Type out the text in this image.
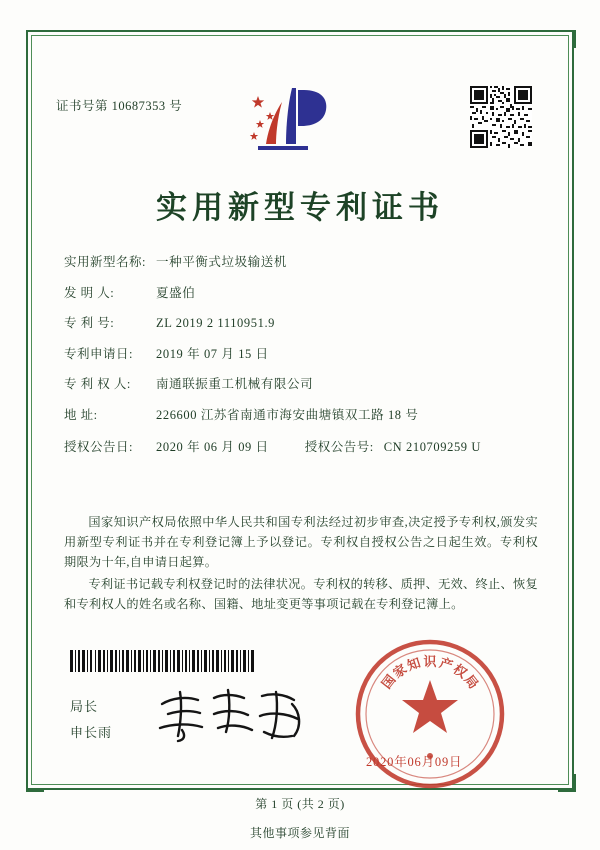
证书号第 10687353 号
实用新型专利证书
实用新型名称: 一种平衡式垃圾输送机
发 明 人:	夏盛伯
专 利 号:	ZL 2019 2 1110951.9
专利申请日:	2019 年 07 月 15 日
专 利 权 人:	南通联振重工机械有限公司
地 址:	226600 江苏省南通市海安曲塘镇双工路 18 号
授权公告日:	2020 年 06 月 09 日	授权公告号: CN 210709259 U
国家知识产权局依照中华人民共和国专利法经过初步审查,决定授予专利权,颁发实用新型专利证书并在专利登记簿上予以登记。专利权自授权公告之日起生效。专利权期限为十年,自申请日起算。
专利证书记载专利权登记时的法律状况。专利权的转移、质押、无效、终止、恢复和专利权人的姓名或名称、国籍、地址变更等事项记载在专利登记簿上。
局长
申长雨
国
家
知 识 产
权
局
2020年06月09日
第 1 页 (共 2 页)
其他事项参见背面
